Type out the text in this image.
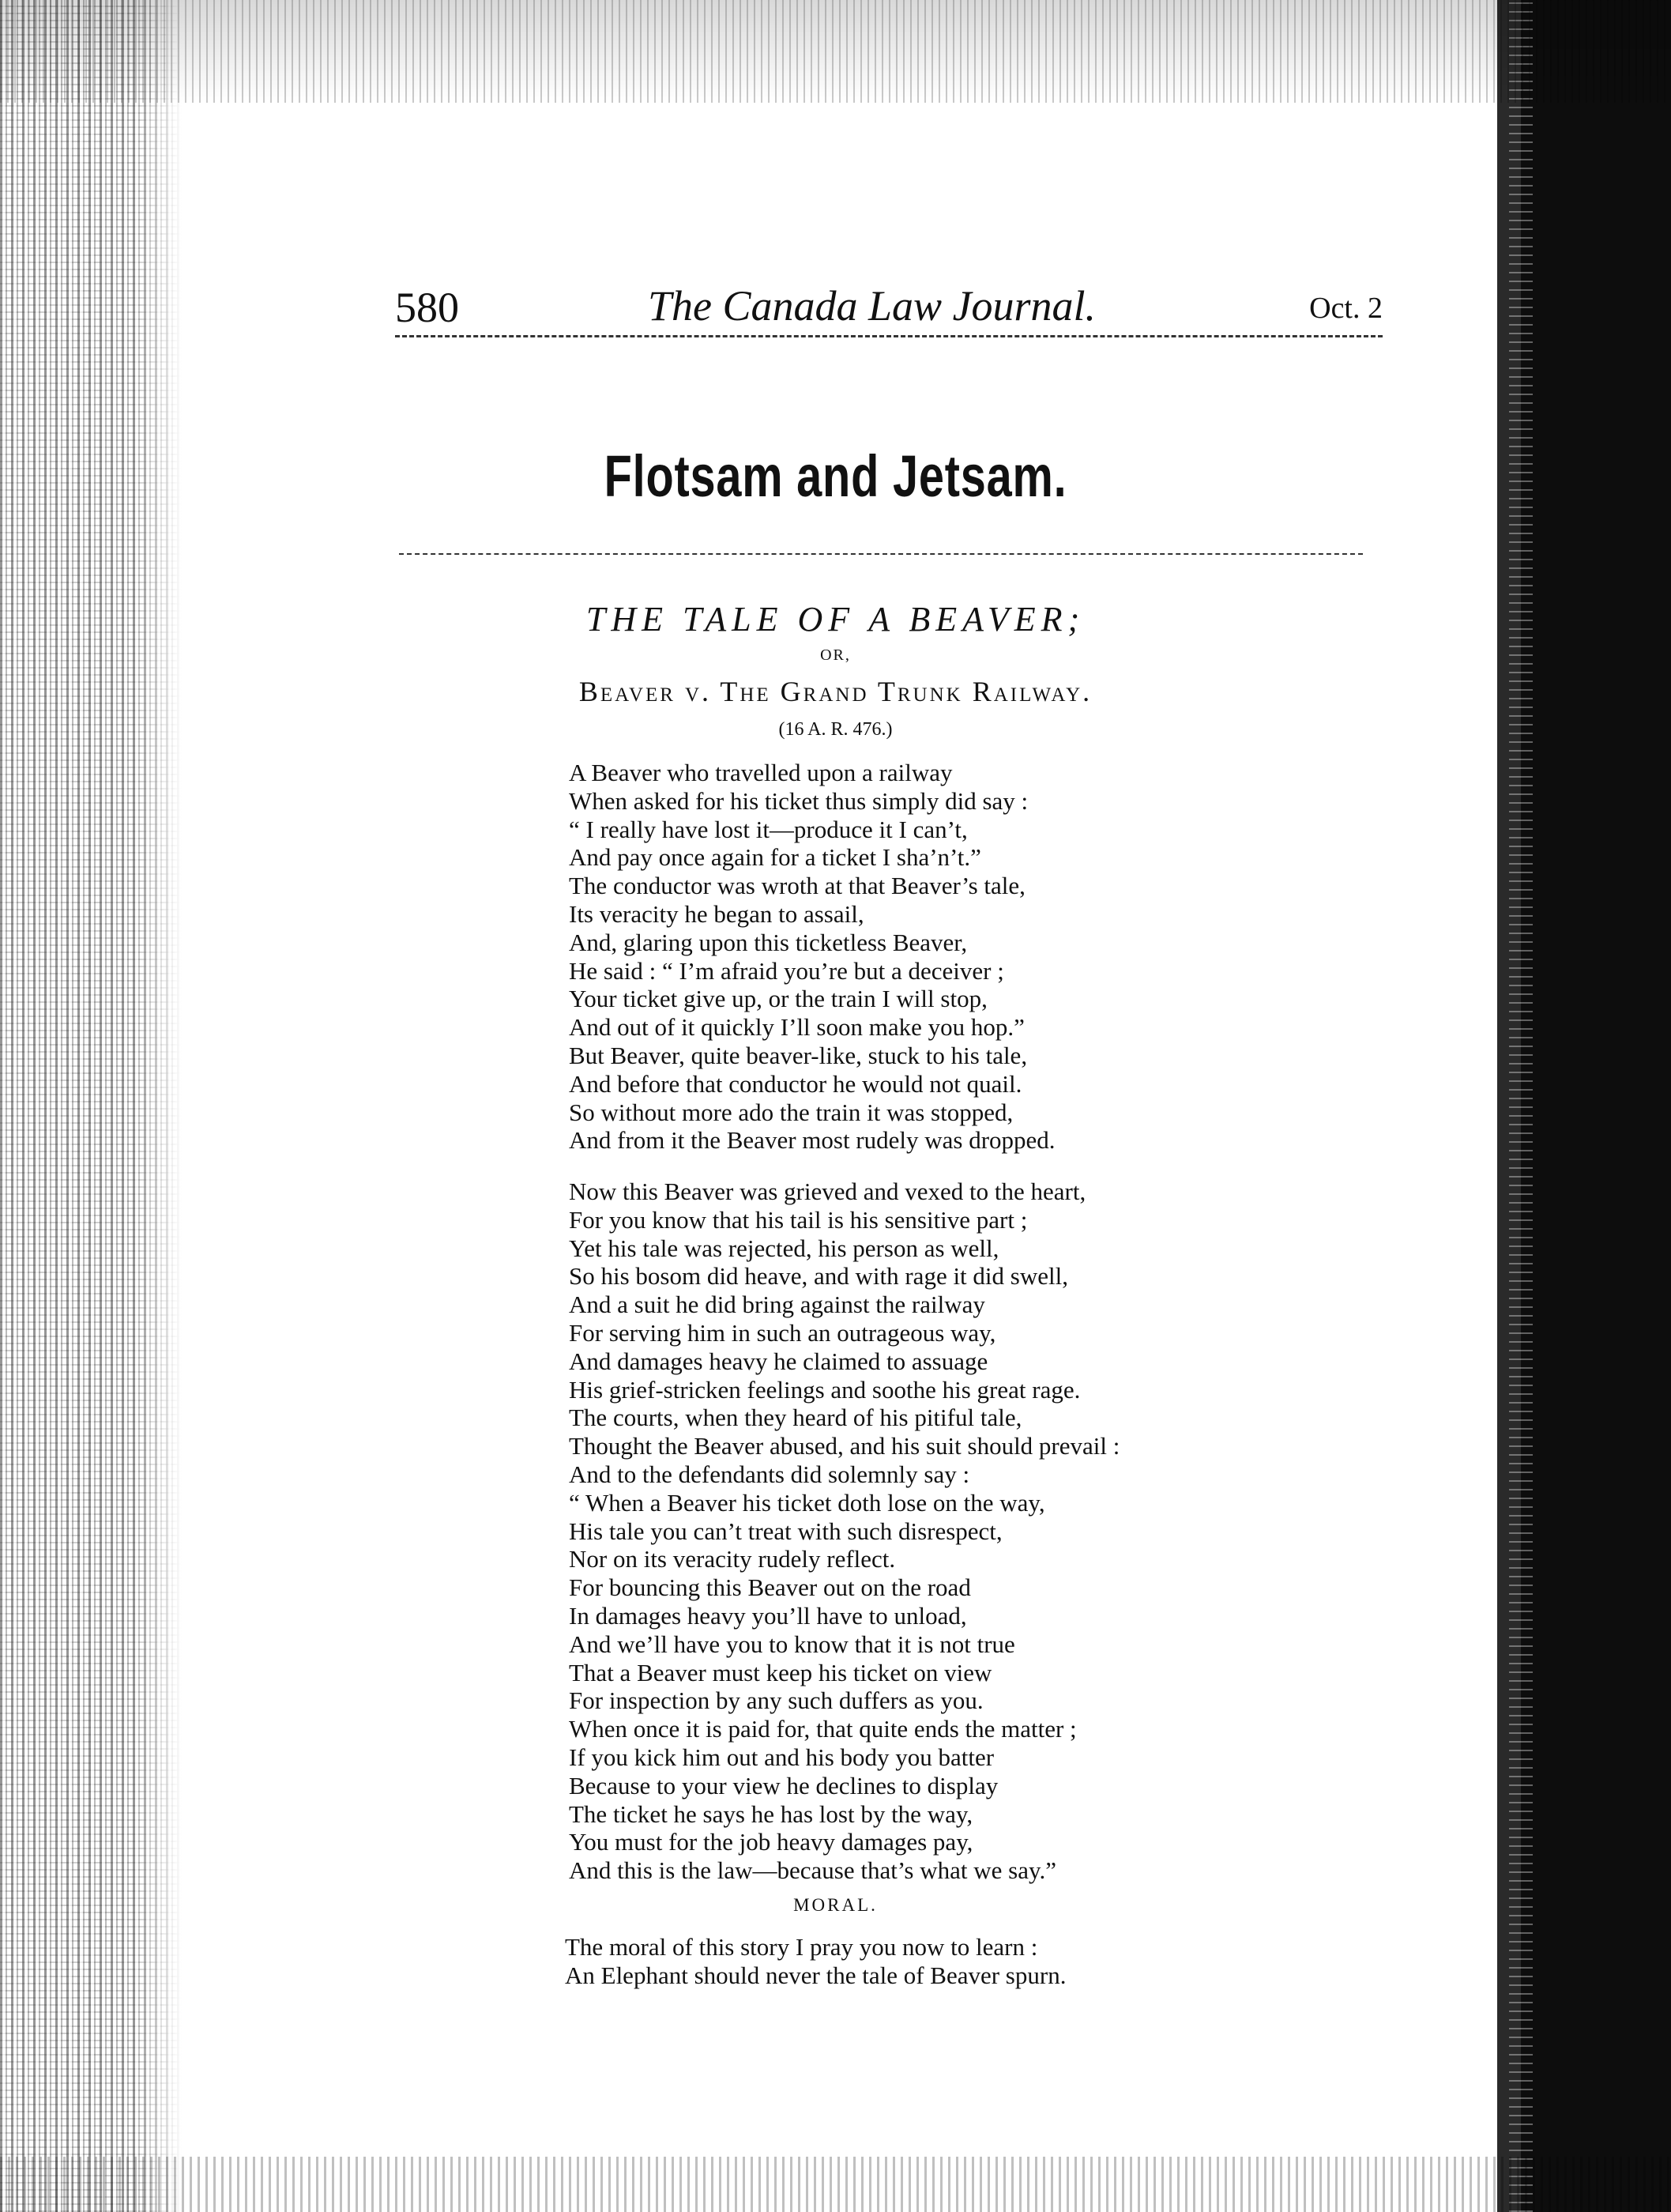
580	The Canada Law Journal.	Oct. 2
Flotsam and Jetsam.
THE TALE OF A BEAVER;
OR,
Beaver v. The Grand Trunk Railway.
(16 A. R. 476.)
A Beaver who travelled upon a railway
When asked for his ticket thus simply did say :
“ I really have lost it—produce it I can’t,
And pay once again for a ticket I sha’n’t.”
The conductor was wroth at that Beaver’s tale,
Its veracity he began to assail,
And, glaring upon this ticketless Beaver,
He said : “ I’m afraid you’re but a deceiver ;
Your ticket give up, or the train I will stop,
And out of it quickly I’ll soon make you hop.”
But Beaver, quite beaver-like, stuck to his tale,
And before that conductor he would not quail.
So without more ado the train it was stopped,
And from it the Beaver most rudely was dropped.
Now this Beaver was grieved and vexed to the heart,
For you know that his tail is his sensitive part ;
Yet his tale was rejected, his person as well,
So his bosom did heave, and with rage it did swell,
And a suit he did bring against the railway
For serving him in such an outrageous way,
And damages heavy he claimed to assuage
His grief-stricken feelings and soothe his great rage.
The courts, when they heard of his pitiful tale,
Thought the Beaver abused, and his suit should prevail :
And to the defendants did solemnly say :
“ When a Beaver his ticket doth lose on the way,
His tale you can’t treat with such disrespect,
Nor on its veracity rudely reflect.
For bouncing this Beaver out on the road
In damages heavy you’ll have to unload,
And we’ll have you to know that it is not true
That a Beaver must keep his ticket on view
For inspection by any such duffers as you.
When once it is paid for, that quite ends the matter ;
If you kick him out and his body you batter
Because to your view he declines to display
The ticket he says he has lost by the way,
You must for the job heavy damages pay,
And this is the law—because that’s what we say.”
MORAL.
The moral of this story I pray you now to learn :
An Elephant should never the tale of Beaver spurn.
